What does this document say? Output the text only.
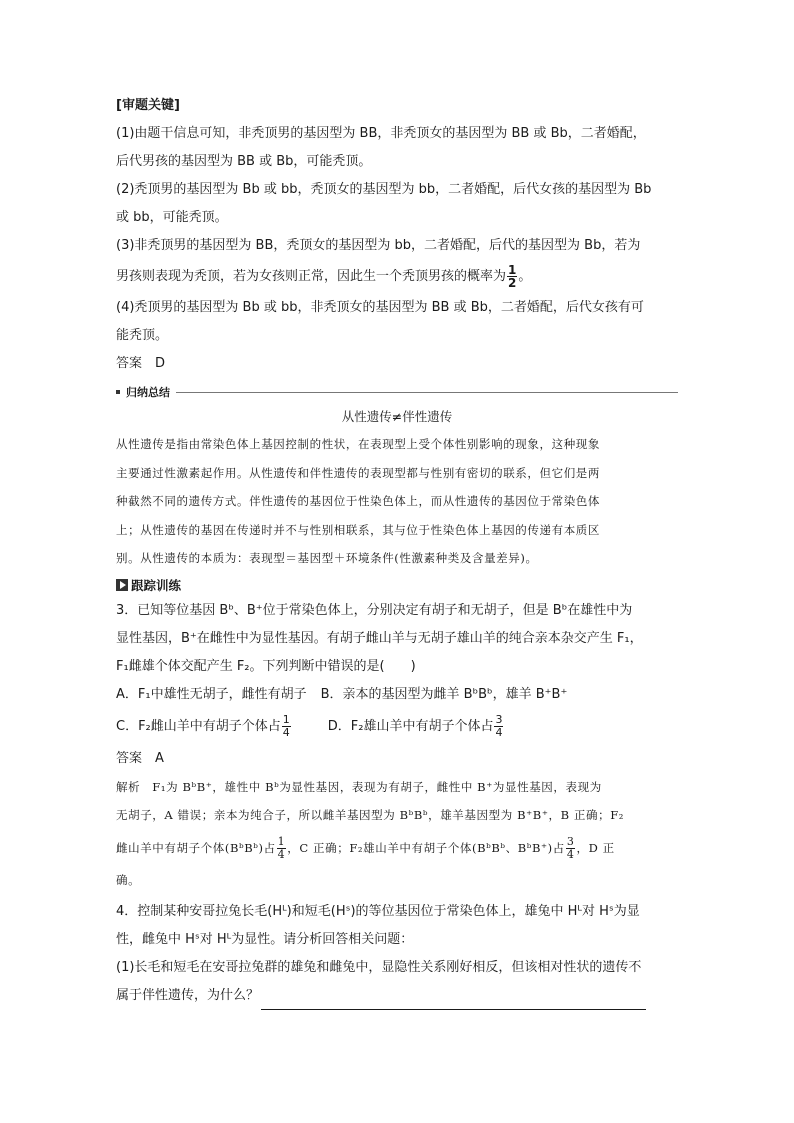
[审题关键]
(1)由题干信息可知，非秃顶男的基因型为 BB，非秃顶女的基因型为 BB 或 Bb，二者婚配，
后代男孩的基因型为 BB 或 Bb，可能秃顶。
(2)秃顶男的基因型为 Bb 或 bb，秃顶女的基因型为 bb，二者婚配，后代女孩的基因型为 Bb
或 bb，可能秃顶。
(3)非秃顶男的基因型为 BB，秃顶女的基因型为 bb，二者婚配，后代的基因型为 Bb，若为
男孩则表现为秃顶，若为女孩则正常，因此生一个秃顶男孩的概率为 $\frac{1}{2}$ 。
(4)秃顶男的基因型为 Bb 或 bb，非秃顶女的基因型为 BB 或 Bb，二者婚配，后代女孩有可
能秃顶。
答案　D
归纳总结
从性遗传≠伴性遗传
从性遗传是指由常染色体上基因控制的性状，在表现型上受个体性别影响的现象，这种现象
主要通过性激素起作用。从性遗传和伴性遗传的表现型都与性别有密切的联系，但它们是两
种截然不同的遗传方式。伴性遗传的基因位于性染色体上，而从性遗传的基因位于常染色体
上；从性遗传的基因在传递时并不与性别相联系，其与位于性染色体上基因的传递有本质区
别。从性遗传的本质为：表现型＝基因型＋环境条件(性激素种类及含量差异)。
跟踪训练
3．已知等位基因 Bᵇ、B⁺位于常染色体上，分别决定有胡子和无胡子，但是 Bᵇ在雄性中为
显性基因，B⁺在雌性中为显性基因。有胡子雌山羊与无胡子雄山羊的纯合亲本杂交产生 F₁，
F₁雌雄个体交配产生 F₂。下列判断中错误的是(　　)
A．F₁中雄性无胡子，雌性有胡子 B．亲本的基因型为雌羊 BᵇBᵇ，雄羊 B⁺B⁺
C．F₂雌山羊中有胡子个体占 $\frac{1}{4}$	D．F₂雄山羊中有胡子个体占 $\frac{3}{4}$
答案　A
解析　F₁为 BᵇB⁺，雄性中 Bᵇ为显性基因，表现为有胡子，雌性中 B⁺为显性基因，表现为
无胡子，A 错误；亲本为纯合子，所以雌羊基因型为 BᵇBᵇ，雄羊基因型为 B⁺B⁺，B 正确；F₂
雌山羊中有胡子个体(BᵇBᵇ)占 $\frac{1}{4}$ ，C 正确；F₂雄山羊中有胡子个体(BᵇBᵇ、BᵇB⁺)占 $\frac{3}{4}$ ，D 正
确。
4．控制某种安哥拉兔长毛(Hᴸ)和短毛(Hˢ)的等位基因位于常染色体上，雄兔中 Hᴸ对 Hˢ为显
性，雌兔中 Hˢ对 Hᴸ为显性。请分析回答相关问题：
(1)长毛和短毛在安哥拉兔群的雄兔和雌兔中，显隐性关系刚好相反，但该相对性状的遗传不
属于伴性遗传，为什么？
